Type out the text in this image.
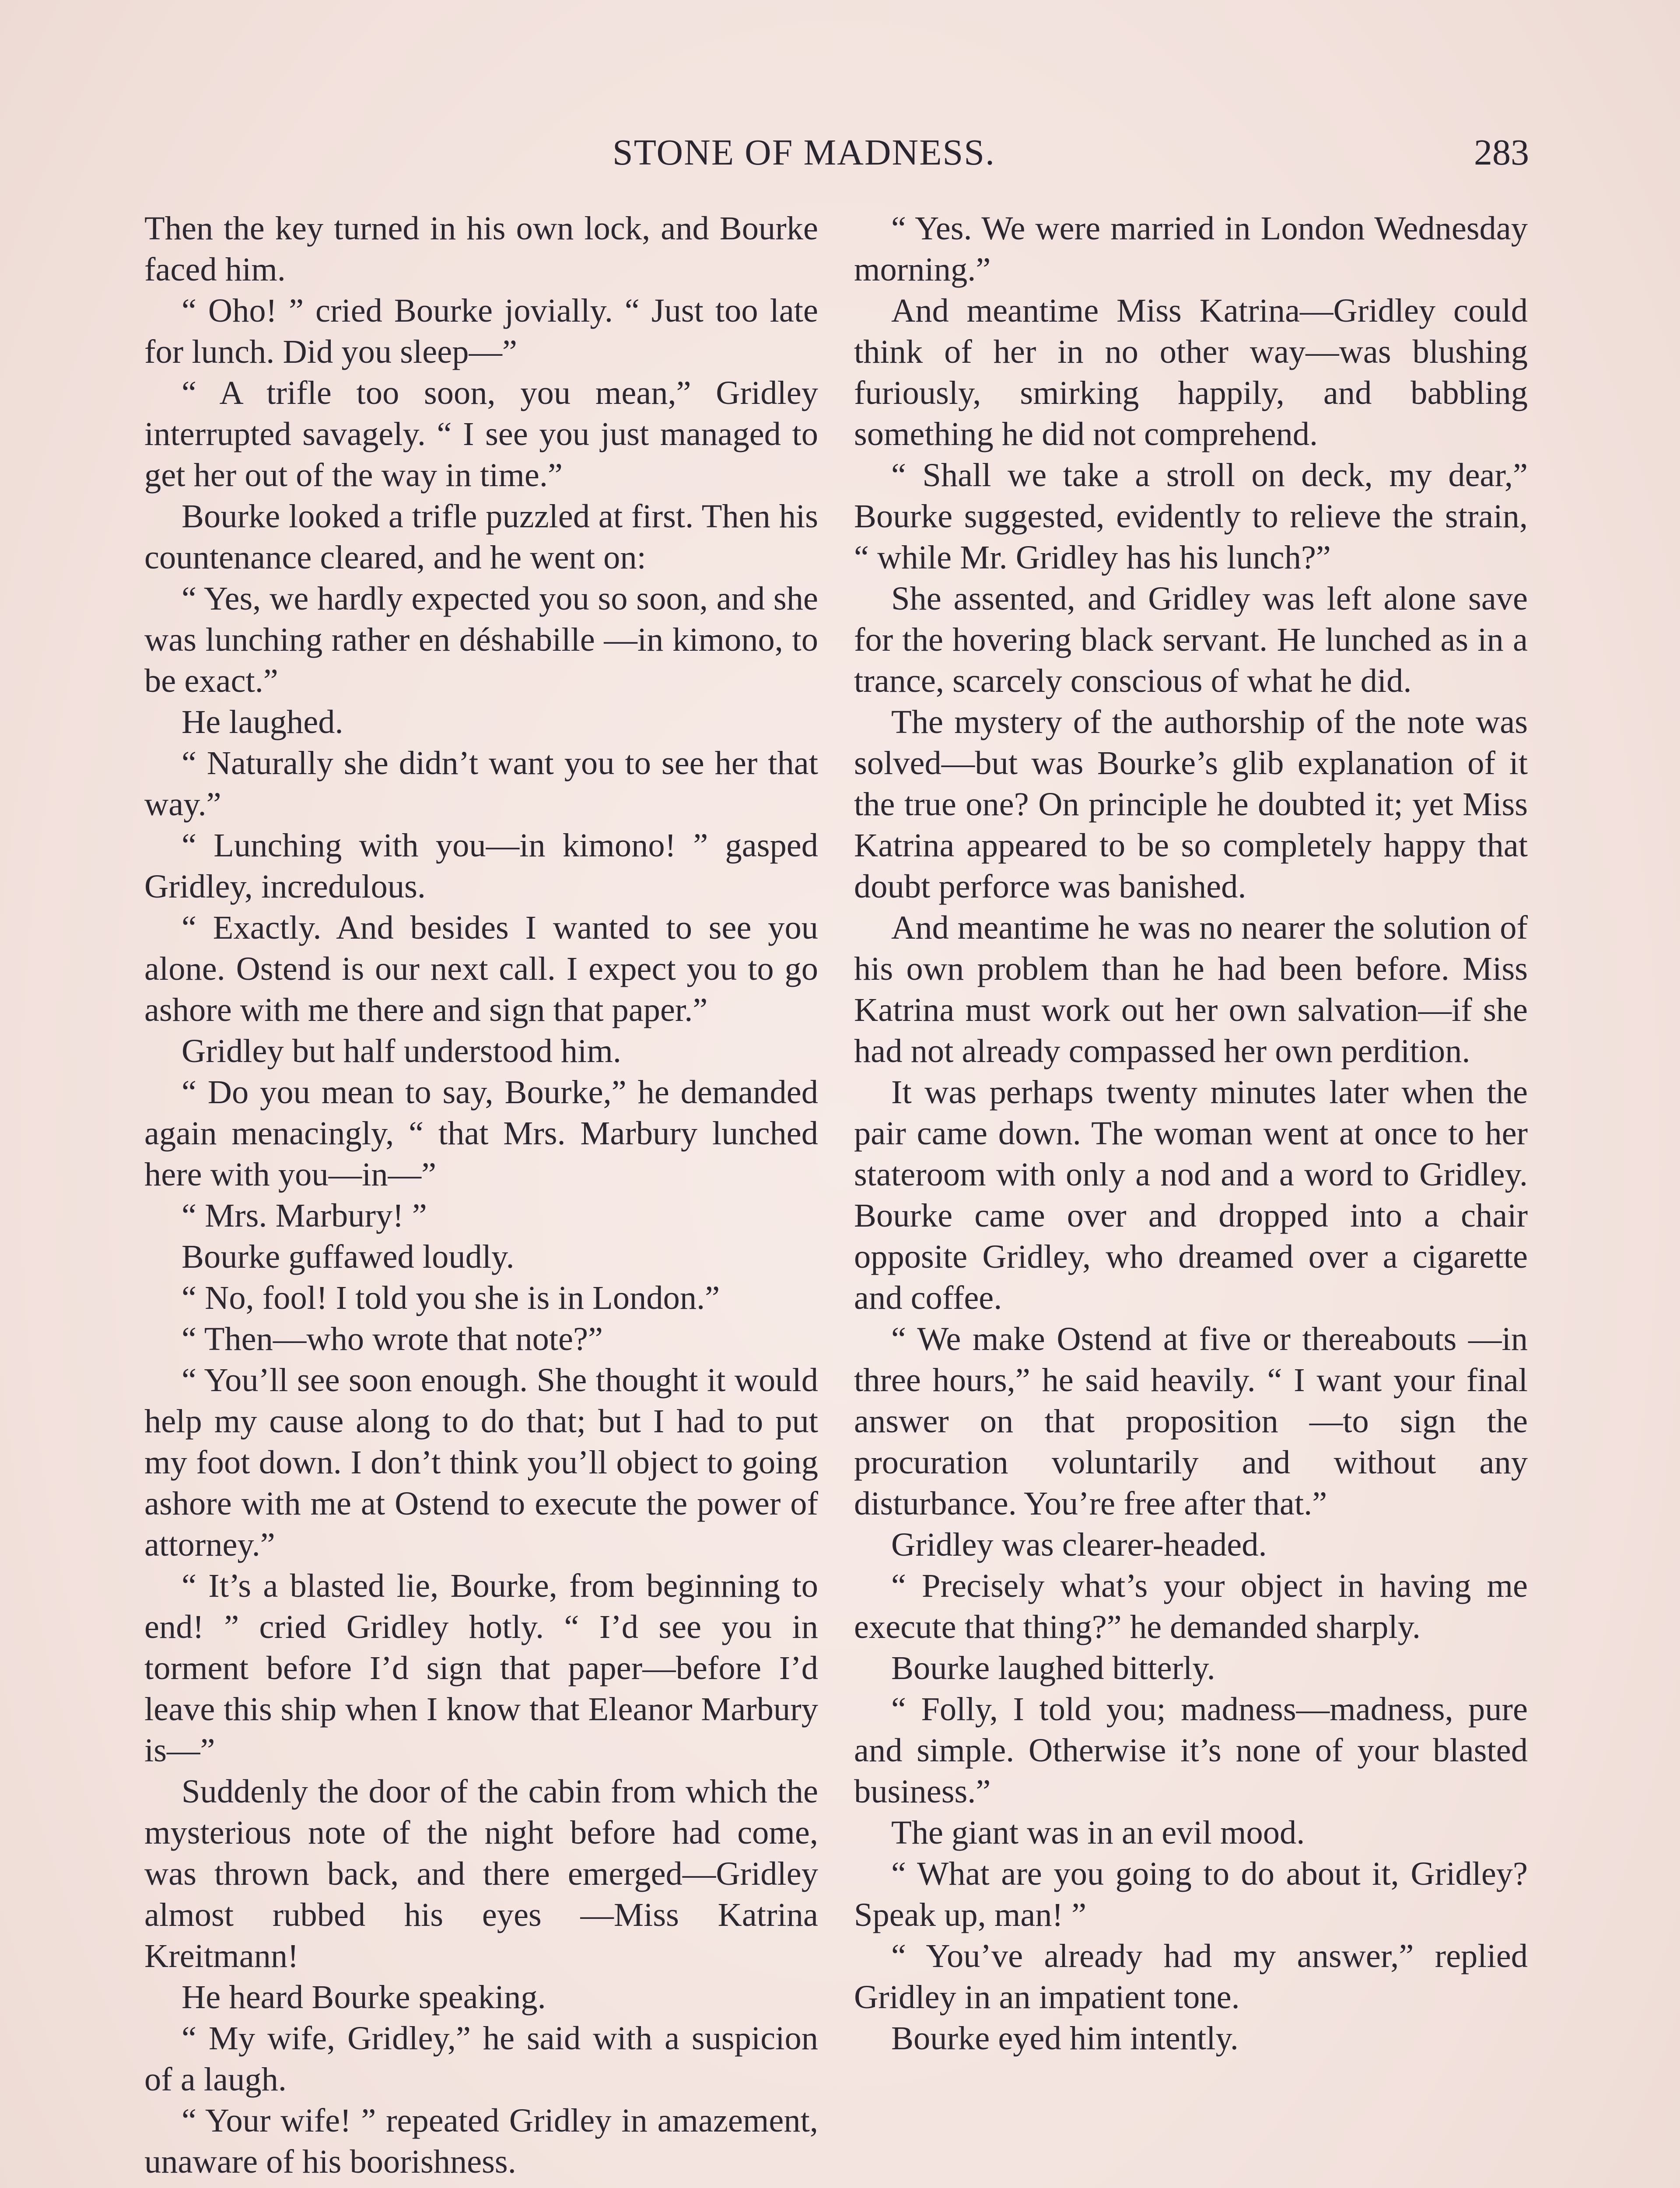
STONE OF MADNESS.	283

Then the key turned in his own lock, and Bourke faced him.

“ Oho! ” cried Bourke jovially. “ Just too late for lunch. Did you sleep—”

“ A trifle too soon, you mean,” Gridley interrupted savagely. “ I see you just managed to get her out of the way in time.”

Bourke looked a trifle puzzled at first. Then his countenance cleared, and he went on:

“ Yes, we hardly expected you so soon, and she was lunching rather en déshabille —in kimono, to be exact.”

He laughed.

“ Naturally she didn’t want you to see her that way.”

“ Lunching with you—in kimono! ” gasped Gridley, incredulous.

“ Exactly. And besides I wanted to see you alone. Ostend is our next call. I expect you to go ashore with me there and sign that paper.”

Gridley but half understood him.

“ Do you mean to say, Bourke,” he demanded again menacingly, “ that Mrs. Marbury lunched here with you—in—”

“ Mrs. Marbury! ”

Bourke guffawed loudly.

“ No, fool! I told you she is in London.”

“ Then—who wrote that note?”

“ You’ll see soon enough. She thought it would help my cause along to do that; but I had to put my foot down. I don’t think you’ll object to going ashore with me at Ostend to execute the power of attorney.”

“ It’s a blasted lie, Bourke, from beginning to end! ” cried Gridley hotly. “ I’d see you in torment before I’d sign that paper—before I’d leave this ship when I know that Eleanor Marbury is—”

Suddenly the door of the cabin from which the mysterious note of the night before had come, was thrown back, and there emerged—Gridley almost rubbed his eyes —Miss Katrina Kreitmann!

He heard Bourke speaking.

“ My wife, Gridley,” he said with a suspicion of a laugh.

“ Your wife! ” repeated Gridley in amazement, unaware of his boorishness.

“ Yes. We were married in London Wednesday morning.”

And meantime Miss Katrina—Gridley could think of her in no other way—was blushing furiously, smirking happily, and babbling something he did not comprehend.

“ Shall we take a stroll on deck, my dear,” Bourke suggested, evidently to relieve the strain, “ while Mr. Gridley has his lunch?”

She assented, and Gridley was left alone save for the hovering black servant. He lunched as in a trance, scarcely conscious of what he did.

The mystery of the authorship of the note was solved—but was Bourke’s glib explanation of it the true one? On principle he doubted it; yet Miss Katrina appeared to be so completely happy that doubt perforce was banished.

And meantime he was no nearer the solution of his own problem than he had been before. Miss Katrina must work out her own salvation—if she had not already compassed her own perdition.

It was perhaps twenty minutes later when the pair came down. The woman went at once to her stateroom with only a nod and a word to Gridley. Bourke came over and dropped into a chair opposite Gridley, who dreamed over a cigarette and coffee.

“ We make Ostend at five or thereabouts —in three hours,” he said heavily. “ I want your final answer on that proposition —to sign the procuration voluntarily and without any disturbance. You’re free after that.”

Gridley was clearer-headed.

“ Precisely what’s your object in having me execute that thing?” he demanded sharply.

Bourke laughed bitterly.

“ Folly, I told you; madness—madness, pure and simple. Otherwise it’s none of your blasted business.”

The giant was in an evil mood.

“ What are you going to do about it, Gridley? Speak up, man! ”

“ You’ve already had my answer,” replied Gridley in an impatient tone.

Bourke eyed him intently.
